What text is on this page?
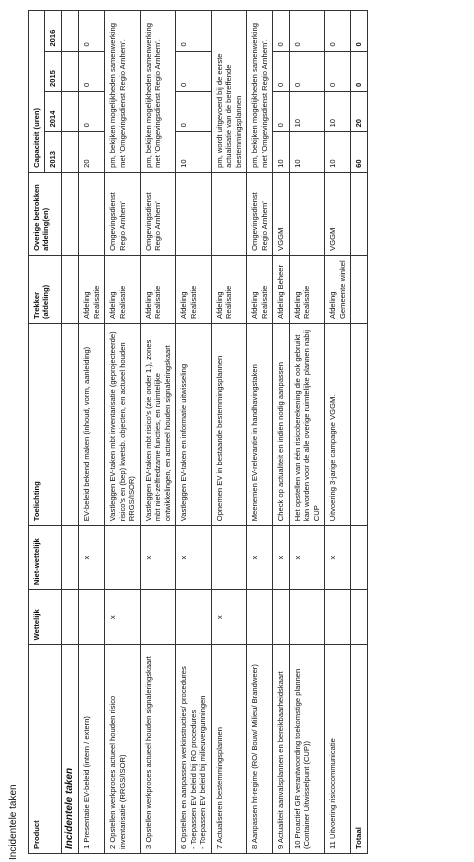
Incidentele taken Product	Wettelijk	Niet-wettelijk	Toelichting	Trekker (afdeling)	Overige betrokken afdeling(en)	Capaciteit (uren)			
						2013	2014	2015	2016
Incidentele taken									
1 Presentatie EV-beleid (intern / extern)		x	EV-beleid bekend maken (inhoud, vorm, aanleiding)	Afdeling Realisatie		20	0	0	0
2 Opstellen werkproces actueel houden risico inventarisatie (RRGS/ISOR)	x		Vastleggen EV-taken mbt inventarisatie (geprojecteerde) risico's en (bep) kwetsb. objecten, en actueel houden RRGS/ISOR)	Afdeling Realisatie	Omgevingsdienst Regio Arnhem'	pm, bekijken mogelijkheden samenwerking met 'Omgevingsdienst Regio Arnhem'.			
3 Opstellen werkproces actueel houden signaleringskaart		x	Vastleggen EV-taken mbt risico's (zie onder 1.), zones mbt niet-zelfredzame functies, en ruimtelijke ontwikkelingen, en actueel houden signaleringskaart	Afdeling Realisatie	Omgevingsdienst Regio Arnhem'	pm, bekijken mogelijkheden samenwerking met 'Omgevingsdienst Regio Arnhem'.			
6 Opstellen en aanpassen werkinstructies/ procedures
- Toepassen EV beleid bij RO procedures
- Toepassen EV beleid bij milieuvergunningen		x	Vastleggen EV-taken en informatie uitwisseling	Afdeling Realisatie		10	0	0	0
7 Actualiseren bestemmingsplannen	x		Opnemen EV in bestaande bestemmingsplannen	Afdeling Realisatie		pm, wordt uitgevoerd bij de eerste actualisatie van de betreffende bestemmingsplannen			
8 Aanpassen ht-regime (RO/ Bouw/ Milieu/ Brandweer)		x	Meenemen EV-relevantie in handhavingstaken	Afdeling Realisatie	Omgevingsdienst Regio Arnhem'	pm, bekijken mogelijkheden samenwerking met 'Omgevingsdienst Regio Arnhem'.			
9 Actualiteit aanvalsplannen en bereikbaarheidskaart		x	Check op actualiteit en indien nodig aanpassen	Afdeling Beheer	VGGM	10	0	0	0
10 Proactief GR verantwoording toekomstige plannen (Container Uitwisselpunt (CUP))		x	Het opstellen van één risicoberekening die ook gebruikt kan worden voor de alle overige ruimtelijke plannen nabij CUP	Afdeling Realisatie		10	10	0	0
11 Uitvoering risicocommunicatie		x	Uitvoering 3-jarige campagne VGGM.	Afdeling Gemeente winkel	VGGM	10	10	0	0
Totaal						60	20	0	0
